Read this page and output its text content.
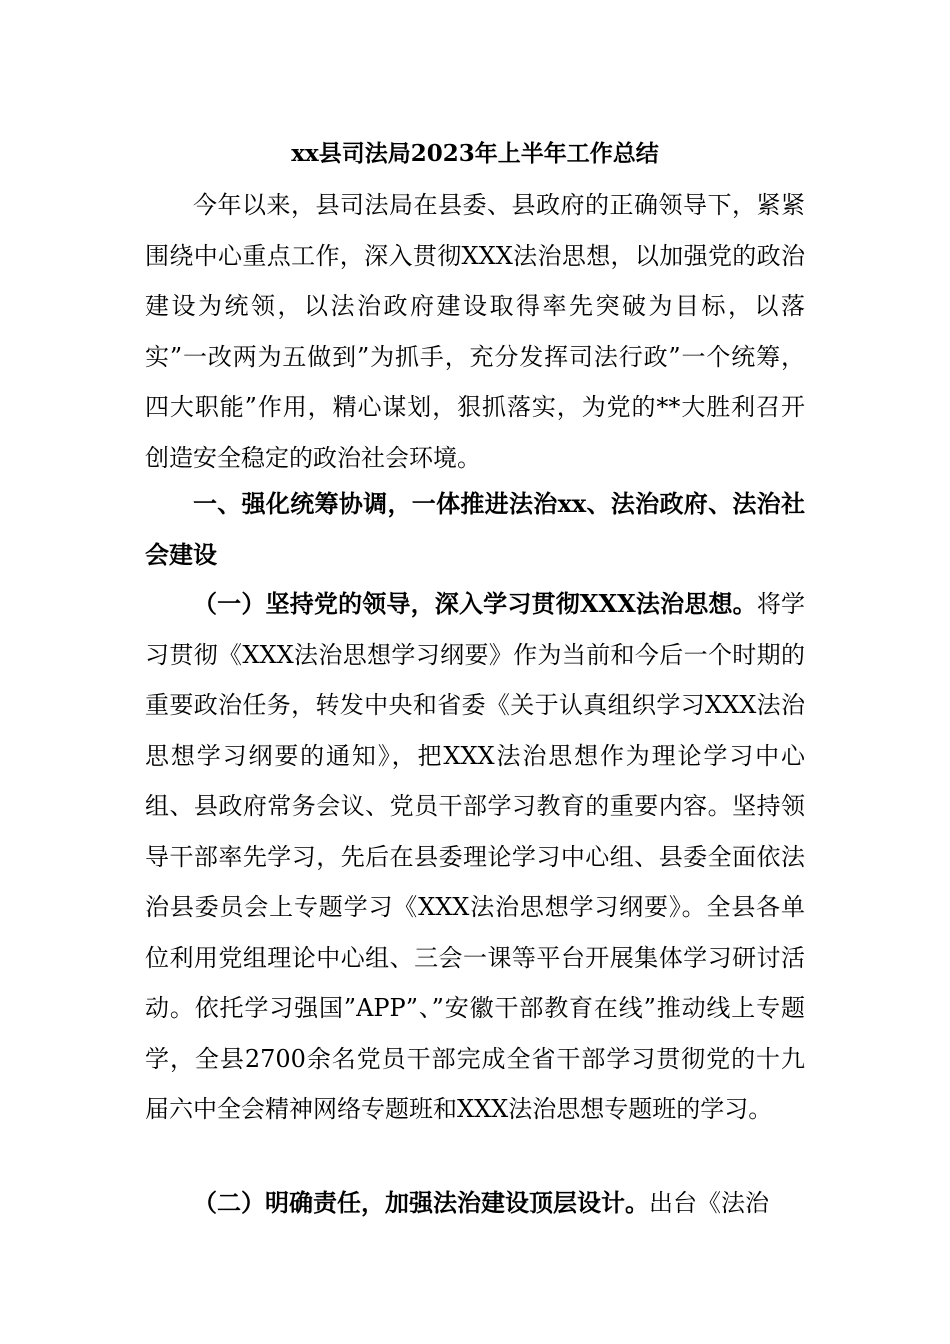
xx县司法局2023年上半年工作总结

今年以来，县司法局在县委、县政府的正确领导下，紧紧围绕中心重点工作，深入贯彻XXX法治思想，以加强党的政治建设为统领，以法治政府建设取得率先突破为目标，以落实”一改两为五做到”为抓手，充分发挥司法行政”一个统筹，四大职能”作用，精心谋划，狠抓落实，为党的**大胜利召开创造安全稳定的政治社会环境。

一、强化统筹协调，一体推进法治xx、法治政府、法治社会建设

（一）坚持党的领导，深入学习贯彻XXX法治思想。将学习贯彻《XXX法治思想学习纲要》作为当前和今后一个时期的重要政治任务，转发中央和省委《关于认真组织学习XXX法治思想学习纲要的通知》，把XXX法治思想作为理论学习中心组、县政府常务会议、党员干部学习教育的重要内容。坚持领导干部率先学习，先后在县委理论学习中心组、县委全面依法治县委员会上专题学习《XXX法治思想学习纲要》。全县各单位利用党组理论中心组、三会一课等平台开展集体学习研讨活动。依托学习强国”APP”、”安徽干部教育在线”推动线上专题学，全县2700余名党员干部完成全省干部学习贯彻党的十九届六中全会精神网络专题班和XXX法治思想专题班的学习。

（二）明确责任，加强法治建设顶层设计。出台《法治
